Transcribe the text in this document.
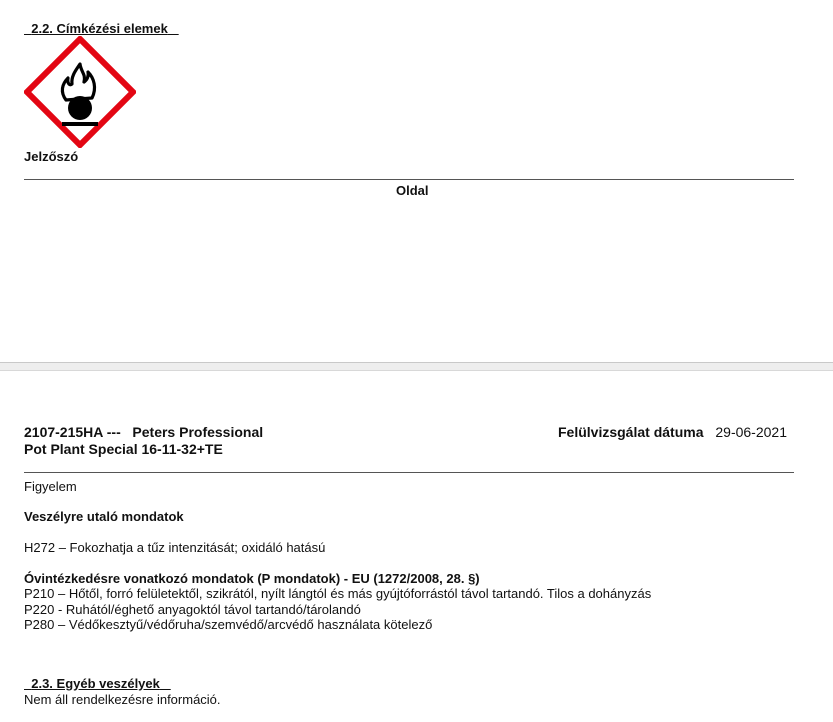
2.2. Címkézési elemek

Jelzőszó
Oldal
2107-215HA ---   Peters Professional
Pot Plant Special 16-11-32+TE
Felülvizsgálat dátuma 29-06-2021
Figyelem
Veszélyre utaló mondatok
H272 – Fokozhatja a tűz intenzitását; oxidáló hatású
Óvintézkedésre vonatkozó mondatok (P mondatok) - EU (1272/2008, 28. §)
P210 – Hőtől, forró felületektől, szikrától, nyílt lángtól és más gyújtóforrástól távol tartandó. Tilos a dohányzás
P220 - Ruhától/éghető anyagoktól távol tartandó/tárolandó
P280 – Védőkesztyű/védőruha/szemvédő/arcvédő használata kötelező

2.3. Egyéb veszélyek

Nem áll rendelkezésre információ.
